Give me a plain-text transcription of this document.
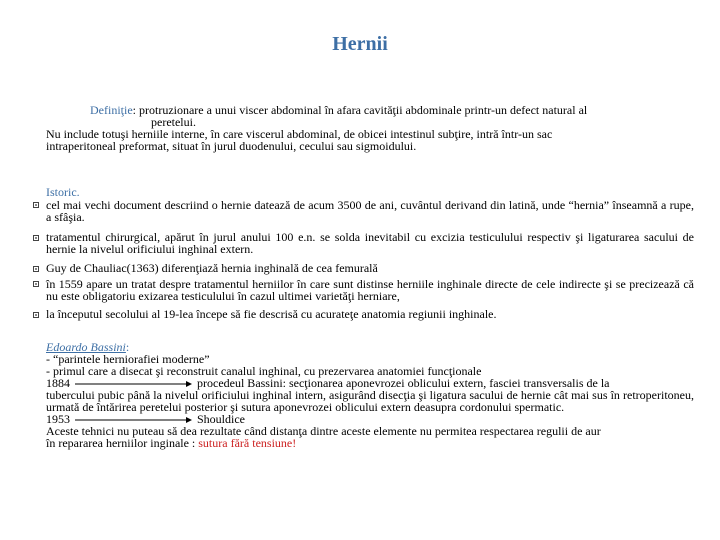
Hernii
Definiţie: protruzionare a unui viscer abdominal în afara cavităţii abdominale printr-un defect natural al
peretelui.
Nu include totuşi herniile interne, în care viscerul abdominal, de obicei intestinul subţire, intră într-un sac
intraperitoneal preformat, situat în jurul duodenului, cecului sau sigmoidului.
Istoric.
cel mai vechi document descriind o hernie datează de acum 3500 de ani, cuvântul derivand din latină, unde “hernia” înseamnă a rupe, a sfâşia.
tratamentul chirurgical, apărut în jurul anului 100 e.n. se solda inevitabil cu excizia testiculului respectiv şi ligaturarea sacului de hernie la nivelul orificiului inghinal extern.
Guy de Chauliac(1363) diferenţiază hernia inghinală de cea femurală
în 1559 apare un tratat despre tratamentul herniilor în care sunt distinse herniile inghinale directe de cele indirecte şi se precizează că nu este obligatoriu exizarea testiculului în cazul ultimei varietăţi herniare,
la începutul secolului al 19-lea începe să fie descrisă cu acurateţe anatomia regiunii inghinale.
Edoardo Bassini:
- “parintele herniorafiei moderne”
- primul care a disecat şi reconstruit canalul inghinal, cu prezervarea anatomiei funcţionale
1884	procedeul Bassini: secţionarea aponevrozei oblicului extern, fasciei transversalis de la
tubercului pubic până la nivelul orificiului inghinal intern, asigurând disecţia şi ligatura sacului de hernie cât mai sus în retroperitoneu, urmată de întărirea peretelui posterior şi sutura aponevrozei oblicului extern deasupra cordonului spermatic.
1953	Shouldice
Aceste tehnici nu puteau să dea rezultate când distanţa dintre aceste elemente nu permitea respectarea regulii de aur
în repararea herniilor inginale : sutura fără tensiune!
